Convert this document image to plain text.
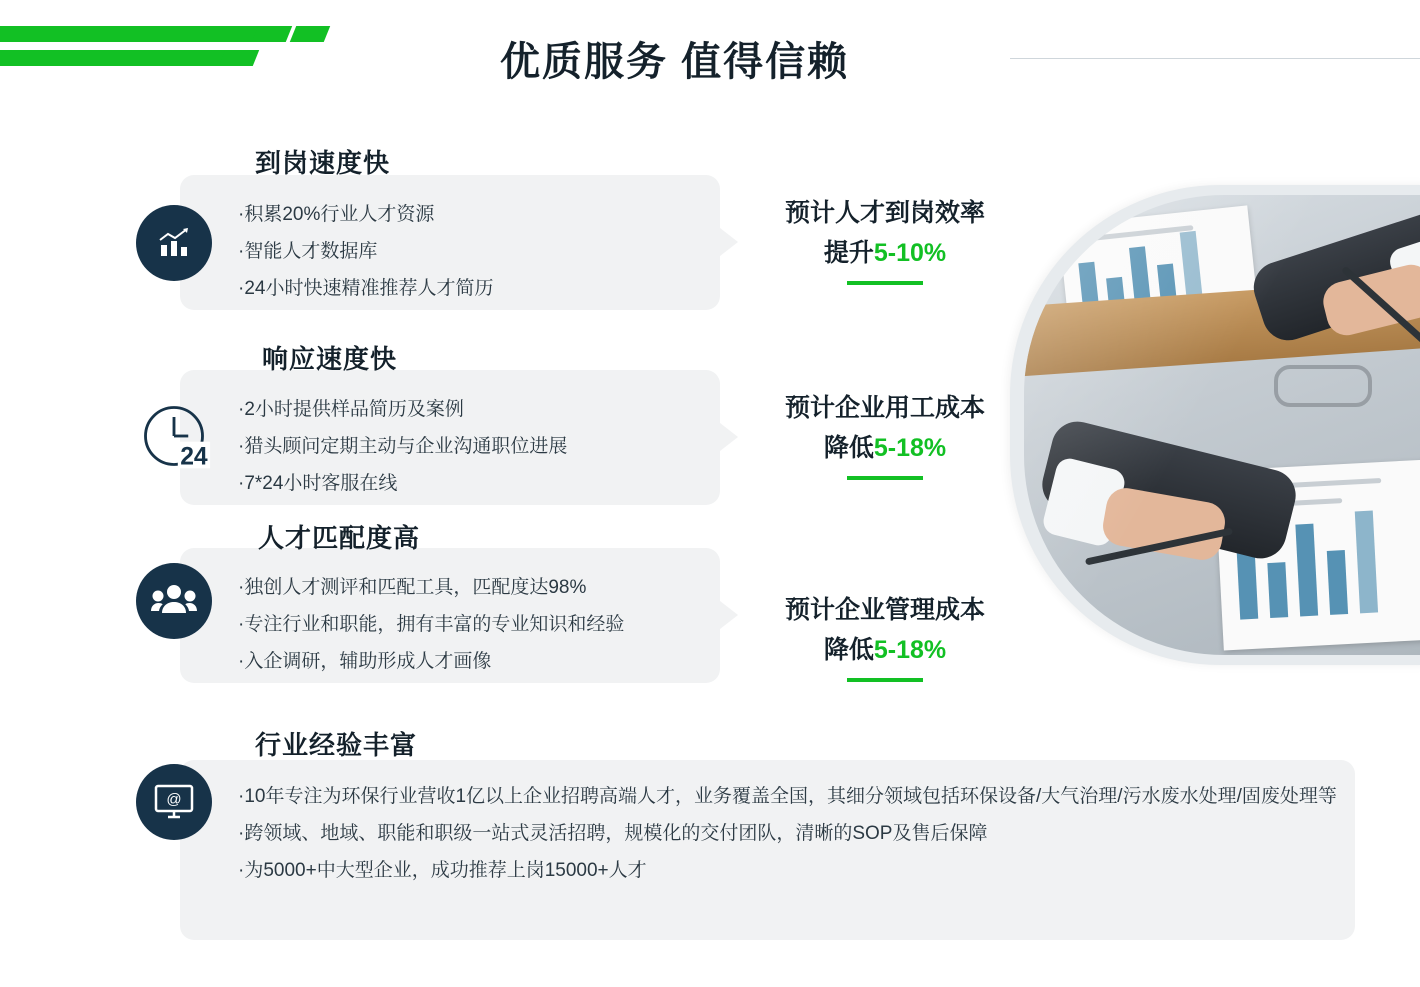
优质服务 值得信赖
到岗速度快
·积累20%行业人才资源
·智能人才数据库
·24小时快速精准推荐人才简历
预计人才到岗效率
提升5-10%
24
响应速度快
·2小时提供样品简历及案例
·猎头顾问定期主动与企业沟通职位进展
·7*24小时客服在线
预计企业用工成本
降低5-18%
人才匹配度高
·独创人才测评和匹配工具，匹配度达98%
·专注行业和职能，拥有丰富的专业知识和经验
·入企调研，辅助形成人才画像
预计企业管理成本
降低5-18%
@
行业经验丰富
·10年专注为环保行业营收1亿以上企业招聘高端人才，业务覆盖全国，其细分领域包括环保设备/大气治理/污水废水处理/固废处理等
·跨领域、地域、职能和职级一站式灵活招聘，规模化的交付团队，清晰的SOP及售后保障
·为5000+中大型企业，成功推荐上岗15000+人才
